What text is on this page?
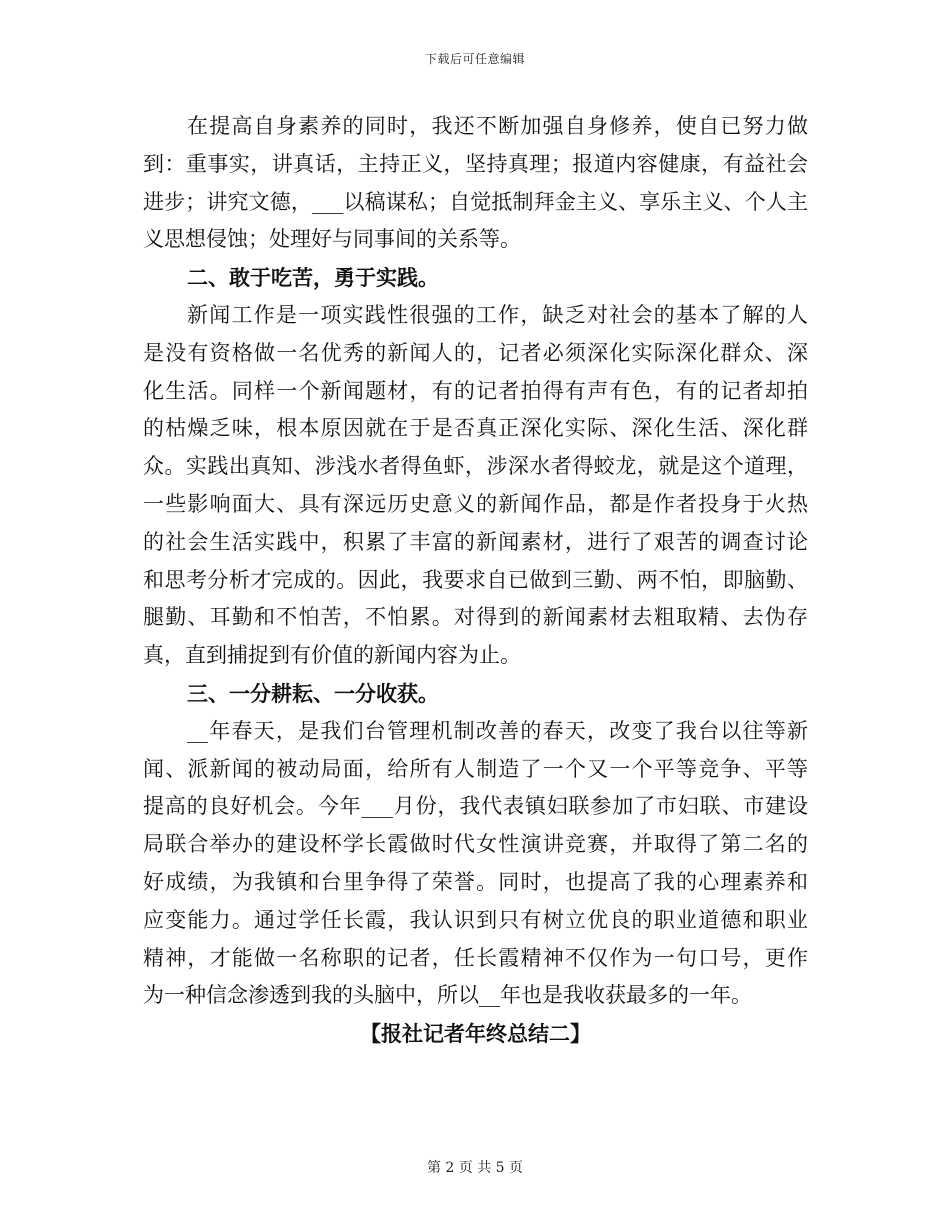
下载后可任意编辑
在提高自身素养的同时，我还不断加强自身修养，使自已努力做
到：重事实，讲真话，主持正义，坚持真理；报道内容健康，有益社会
进步；讲究文德，___以稿谋私；自觉抵制拜金主义、享乐主义、个人主
义思想侵蚀；处理好与同事间的关系等。
二、敢于吃苦，勇于实践。
新闻工作是一项实践性很强的工作，缺乏对社会的基本了解的人
是没有资格做一名优秀的新闻人的，记者必须深化实际深化群众、深
化生活。同样一个新闻题材，有的记者拍得有声有色，有的记者却拍
的枯燥乏味，根本原因就在于是否真正深化实际、深化生活、深化群
众。实践出真知、涉浅水者得鱼虾，涉深水者得蛟龙，就是这个道理，
一些影响面大、具有深远历史意义的新闻作品，都是作者投身于火热
的社会生活实践中，积累了丰富的新闻素材，进行了艰苦的调查讨论
和思考分析才完成的。因此，我要求自已做到三勤、两不怕，即脑勤、
腿勤、耳勤和不怕苦，不怕累。对得到的新闻素材去粗取精、去伪存
真，直到捕捉到有价值的新闻内容为止。
三、一分耕耘、一分收获。
__年春天，是我们台管理机制改善的春天，改变了我台以往等新
闻、派新闻的被动局面，给所有人制造了一个又一个平等竞争、平等
提高的良好机会。今年___月份，我代表镇妇联参加了市妇联、市建设
局联合举办的建设杯学长霞做时代女性演讲竞赛，并取得了第二名的
好成绩，为我镇和台里争得了荣誉。同时，也提高了我的心理素养和
应变能力。通过学任长霞，我认识到只有树立优良的职业道德和职业
精神，才能做一名称职的记者，任长霞精神不仅作为一句口号，更作
为一种信念渗透到我的头脑中，所以__年也是我收获最多的一年。
【报社记者年终总结二】
第 2 页 共 5 页
